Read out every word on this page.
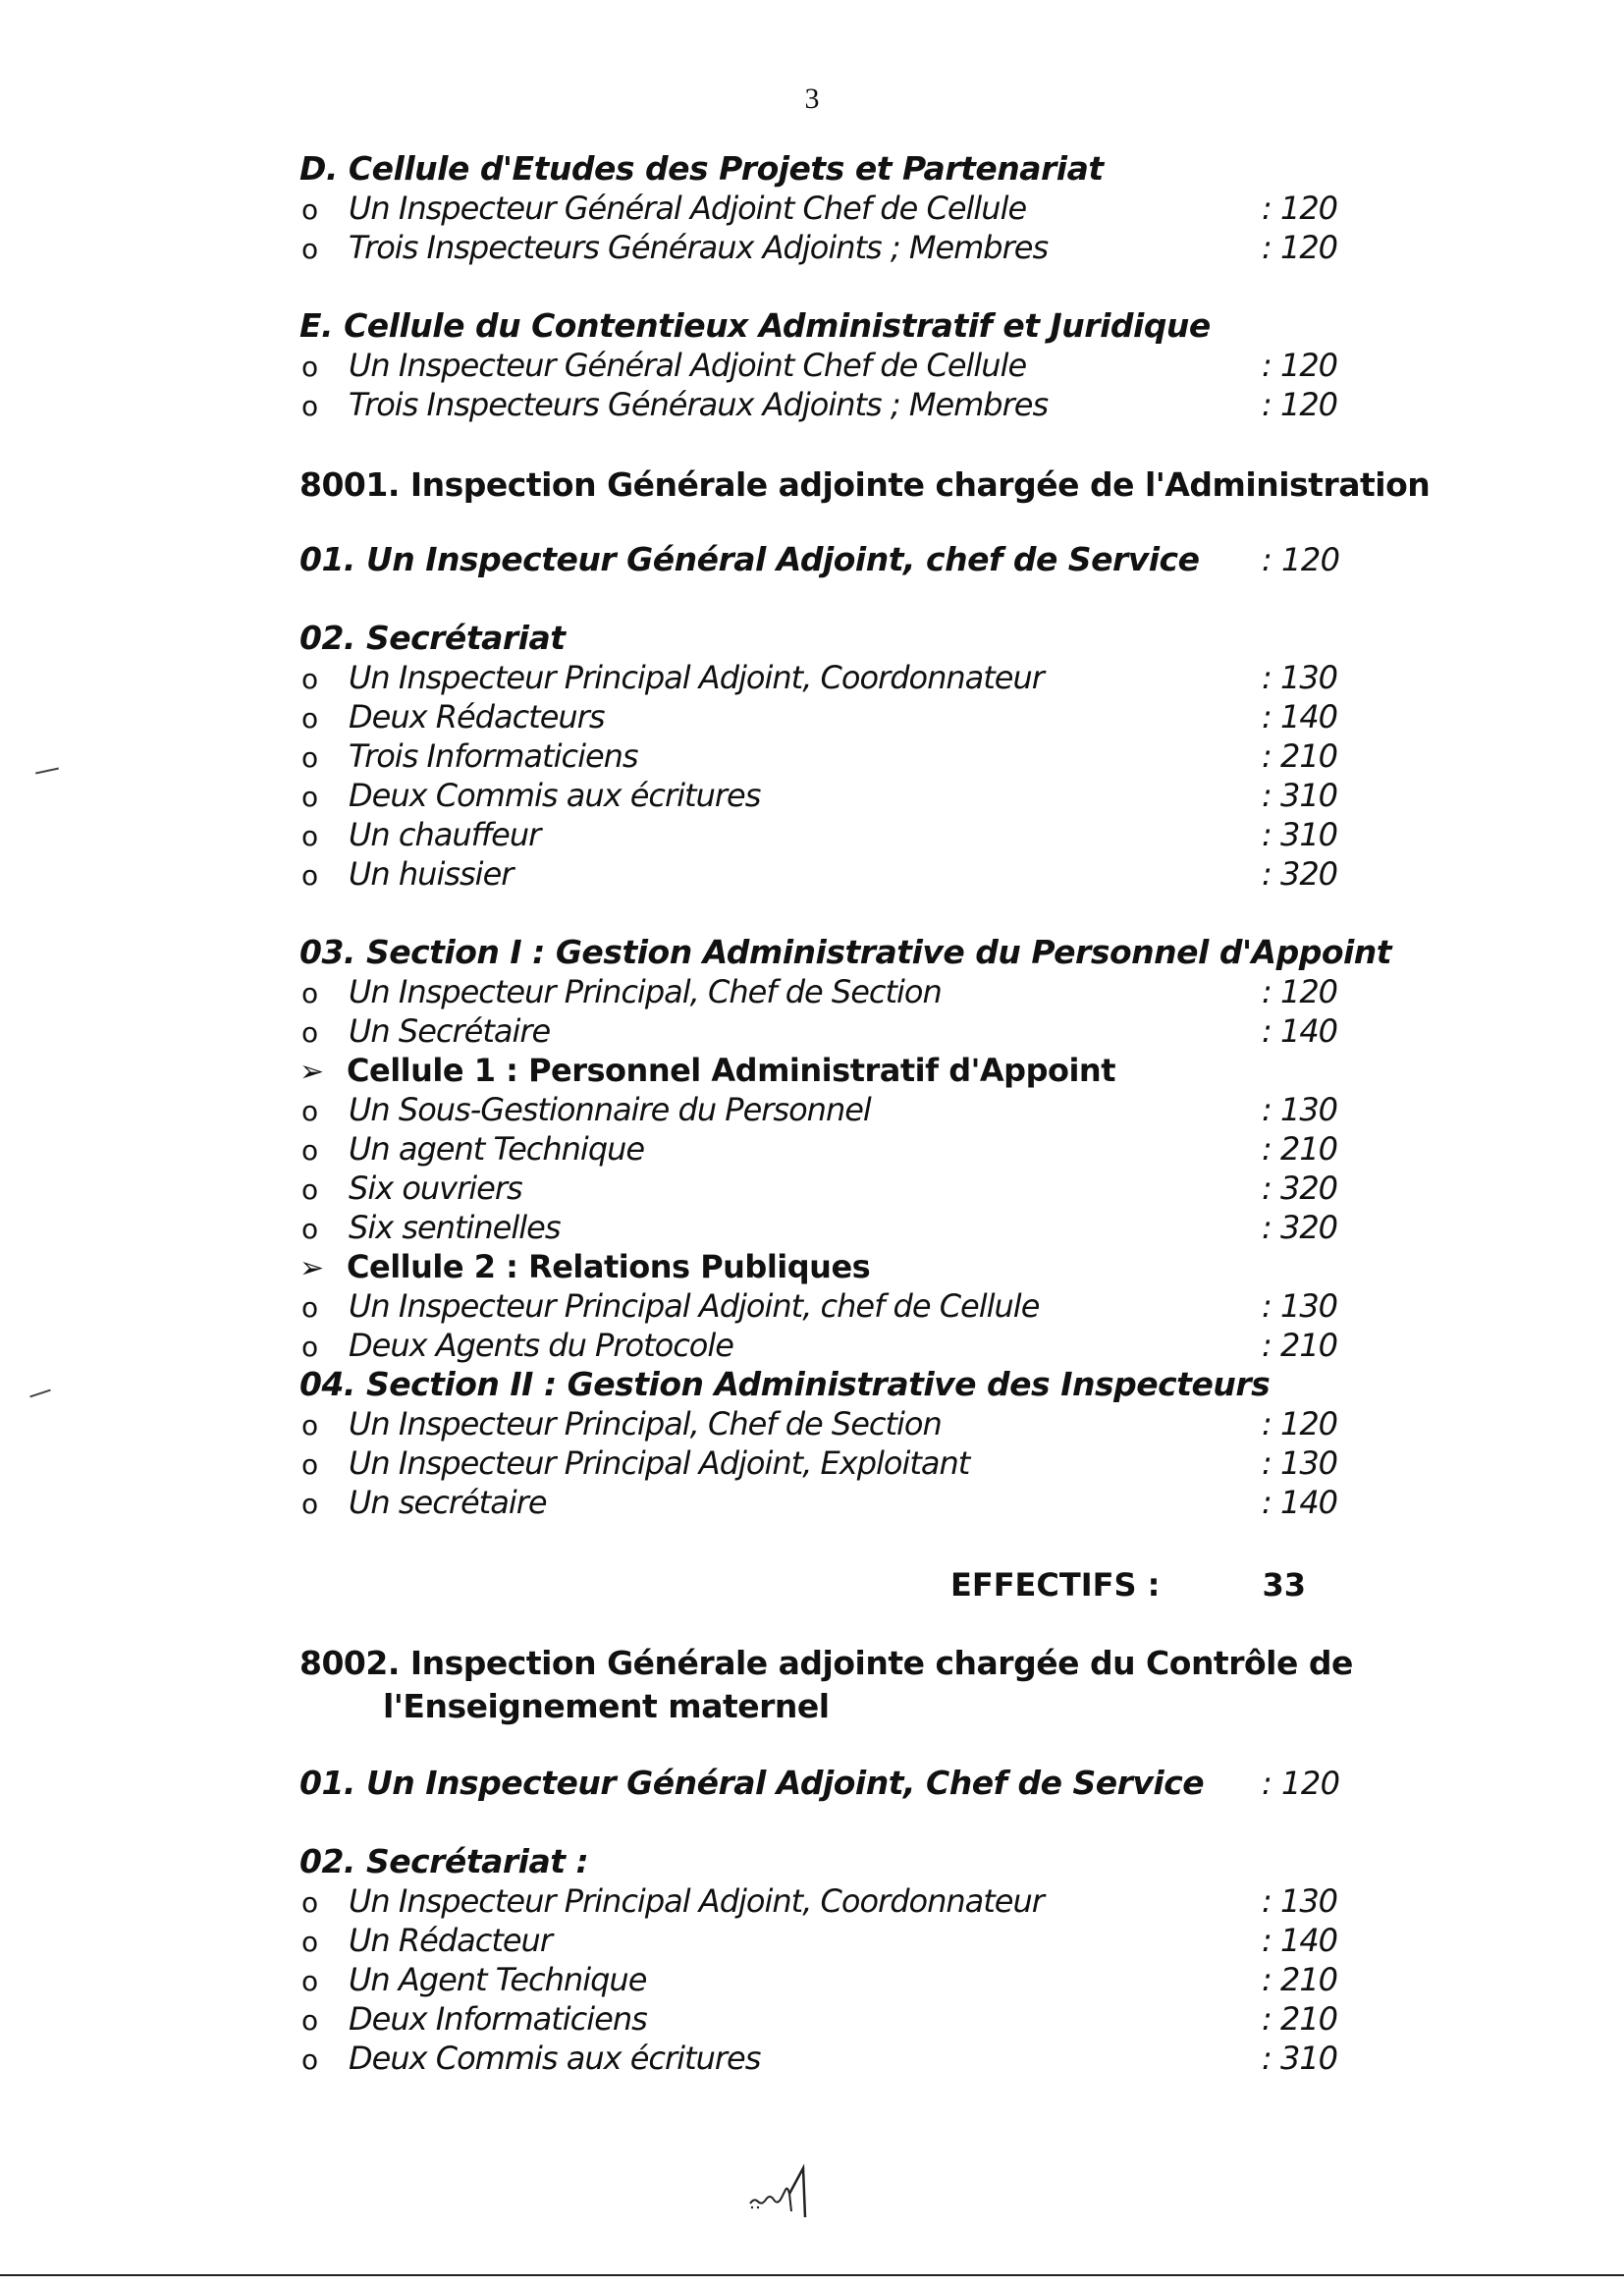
3
D. Cellule d'Etudes des Projets et Partenariat
o Un Inspecteur Général Adjoint Chef de Cellule	: 120
o Trois Inspecteurs Généraux Adjoints ; Membres	: 120
E. Cellule du Contentieux Administratif et Juridique
o Un Inspecteur Général Adjoint Chef de Cellule	: 120
o Trois Inspecteurs Généraux Adjoints ; Membres	: 120
8001. Inspection Générale adjointe chargée de l'Administration
01. Un Inspecteur Général Adjoint, chef de Service	: 120
02. Secrétariat
o Un Inspecteur Principal Adjoint, Coordonnateur	: 130
o Deux Rédacteurs	: 140
o Trois Informaticiens	: 210
o Deux Commis aux écritures	: 310
o Un chauffeur	: 310
o Un huissier	: 320
03. Section I : Gestion Administrative du Personnel d'Appoint
o Un Inspecteur Principal, Chef de Section	: 120
o Un Secrétaire	: 140
➢ Cellule 1 : Personnel Administratif d'Appoint
o Un Sous-Gestionnaire du Personnel	: 130
o Un agent Technique	: 210
o Six ouvriers	: 320
o Six sentinelles	: 320
➢ Cellule 2 : Relations Publiques
o Un Inspecteur Principal Adjoint, chef de Cellule	: 130
o Deux Agents du Protocole	: 210
04. Section II : Gestion Administrative des Inspecteurs
o Un Inspecteur Principal, Chef de Section	: 120
o Un Inspecteur Principal Adjoint, Exploitant	: 130
o Un secrétaire	: 140
EFFECTIFS :	33
8002. Inspection Générale adjointe chargée du Contrôle de
l'Enseignement maternel
01. Un Inspecteur Général Adjoint, Chef de Service	: 120
02. Secrétariat :
o Un Inspecteur Principal Adjoint, Coordonnateur	: 130
o Un Rédacteur	: 140
o Un Agent Technique	: 210
o Deux Informaticiens	: 210
o Deux Commis aux écritures	: 310
